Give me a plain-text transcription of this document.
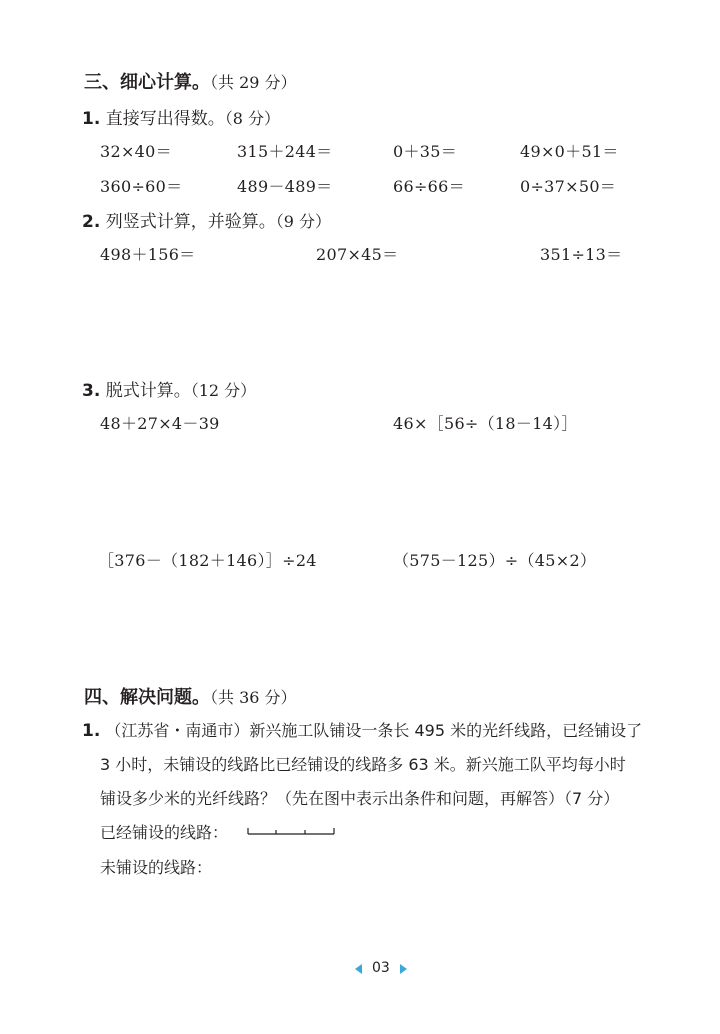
三、细心计算。（共 29 分）
1. 直接写出得数。（8 分）
32×40＝	315＋244＝	0＋35＝	49×0＋51＝
360÷60＝	489－489＝	66÷66＝	0÷37×50＝
2. 列竖式计算，并验算。（9 分）
498＋156＝	207×45＝	351÷13＝
3. 脱式计算。（12 分）
48＋27×4－39	46×［56÷（18－14）］
［376－（182＋146）］÷24	（575－125）÷（45×2）
四、解决问题。（共 36 分）
1. （江苏省・南通市）新兴施工队铺设一条长 495 米的光纤线路，已经铺设了
3 小时，未铺设的线路比已经铺设的线路多 63 米。新兴施工队平均每小时
铺设多少米的光纤线路？（先在图中表示出条件和问题，再解答）（7 分）
已经铺设的线路：
未铺设的线路：
03
